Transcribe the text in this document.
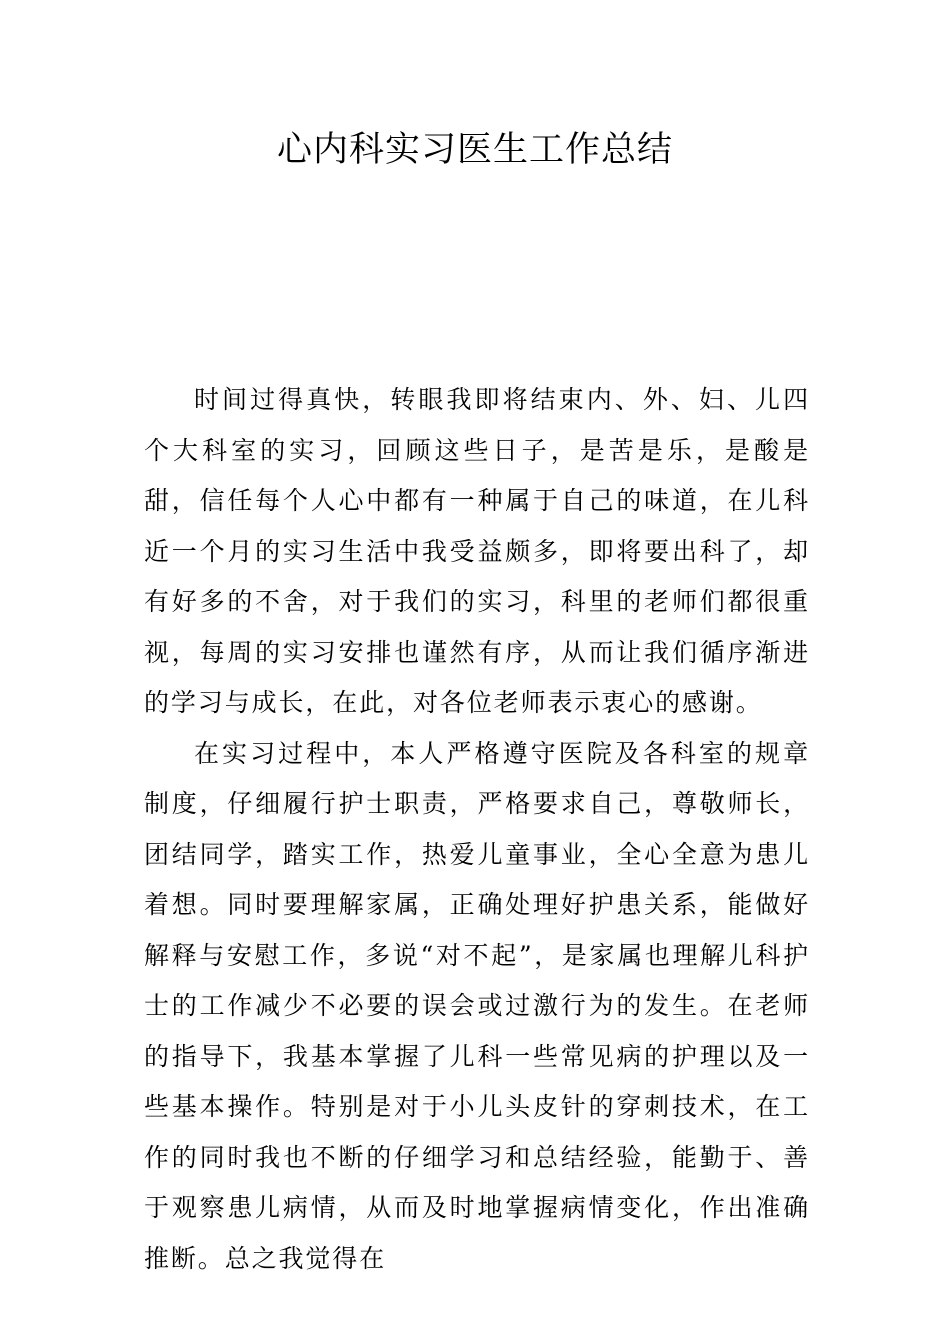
心内科实习医生工作总结

时间过得真快，转眼我即将结束内、外、妇、儿四个大科室的实习，回顾这些日子，是苦是乐，是酸是甜，信任每个人心中都有一种属于自己的味道，在儿科近一个月的实习生活中我受益颇多，即将要出科了，却有好多的不舍，对于我们的实习，科里的老师们都很重视，每周的实习安排也谨然有序，从而让我们循序渐进的学习与成长，在此，对各位老师表示衷心的感谢。

在实习过程中，本人严格遵守医院及各科室的规章制度，仔细履行护士职责，严格要求自己，尊敬师长，团结同学，踏实工作，热爱儿童事业，全心全意为患儿着想。同时要理解家属，正确处理好护患关系，能做好解释与安慰工作，多说“对不起”，是家属也理解儿科护士的工作减少不必要的误会或过激行为的发生。在老师的指导下，我基本掌握了儿科一些常见病的护理以及一些基本操作。特别是对于小儿头皮针的穿刺技术，在工作的同时我也不断的仔细学习和总结经验，能勤于、善于观察患儿病情，从而及时地掌握病情变化，作出准确推断。总之我觉得在
